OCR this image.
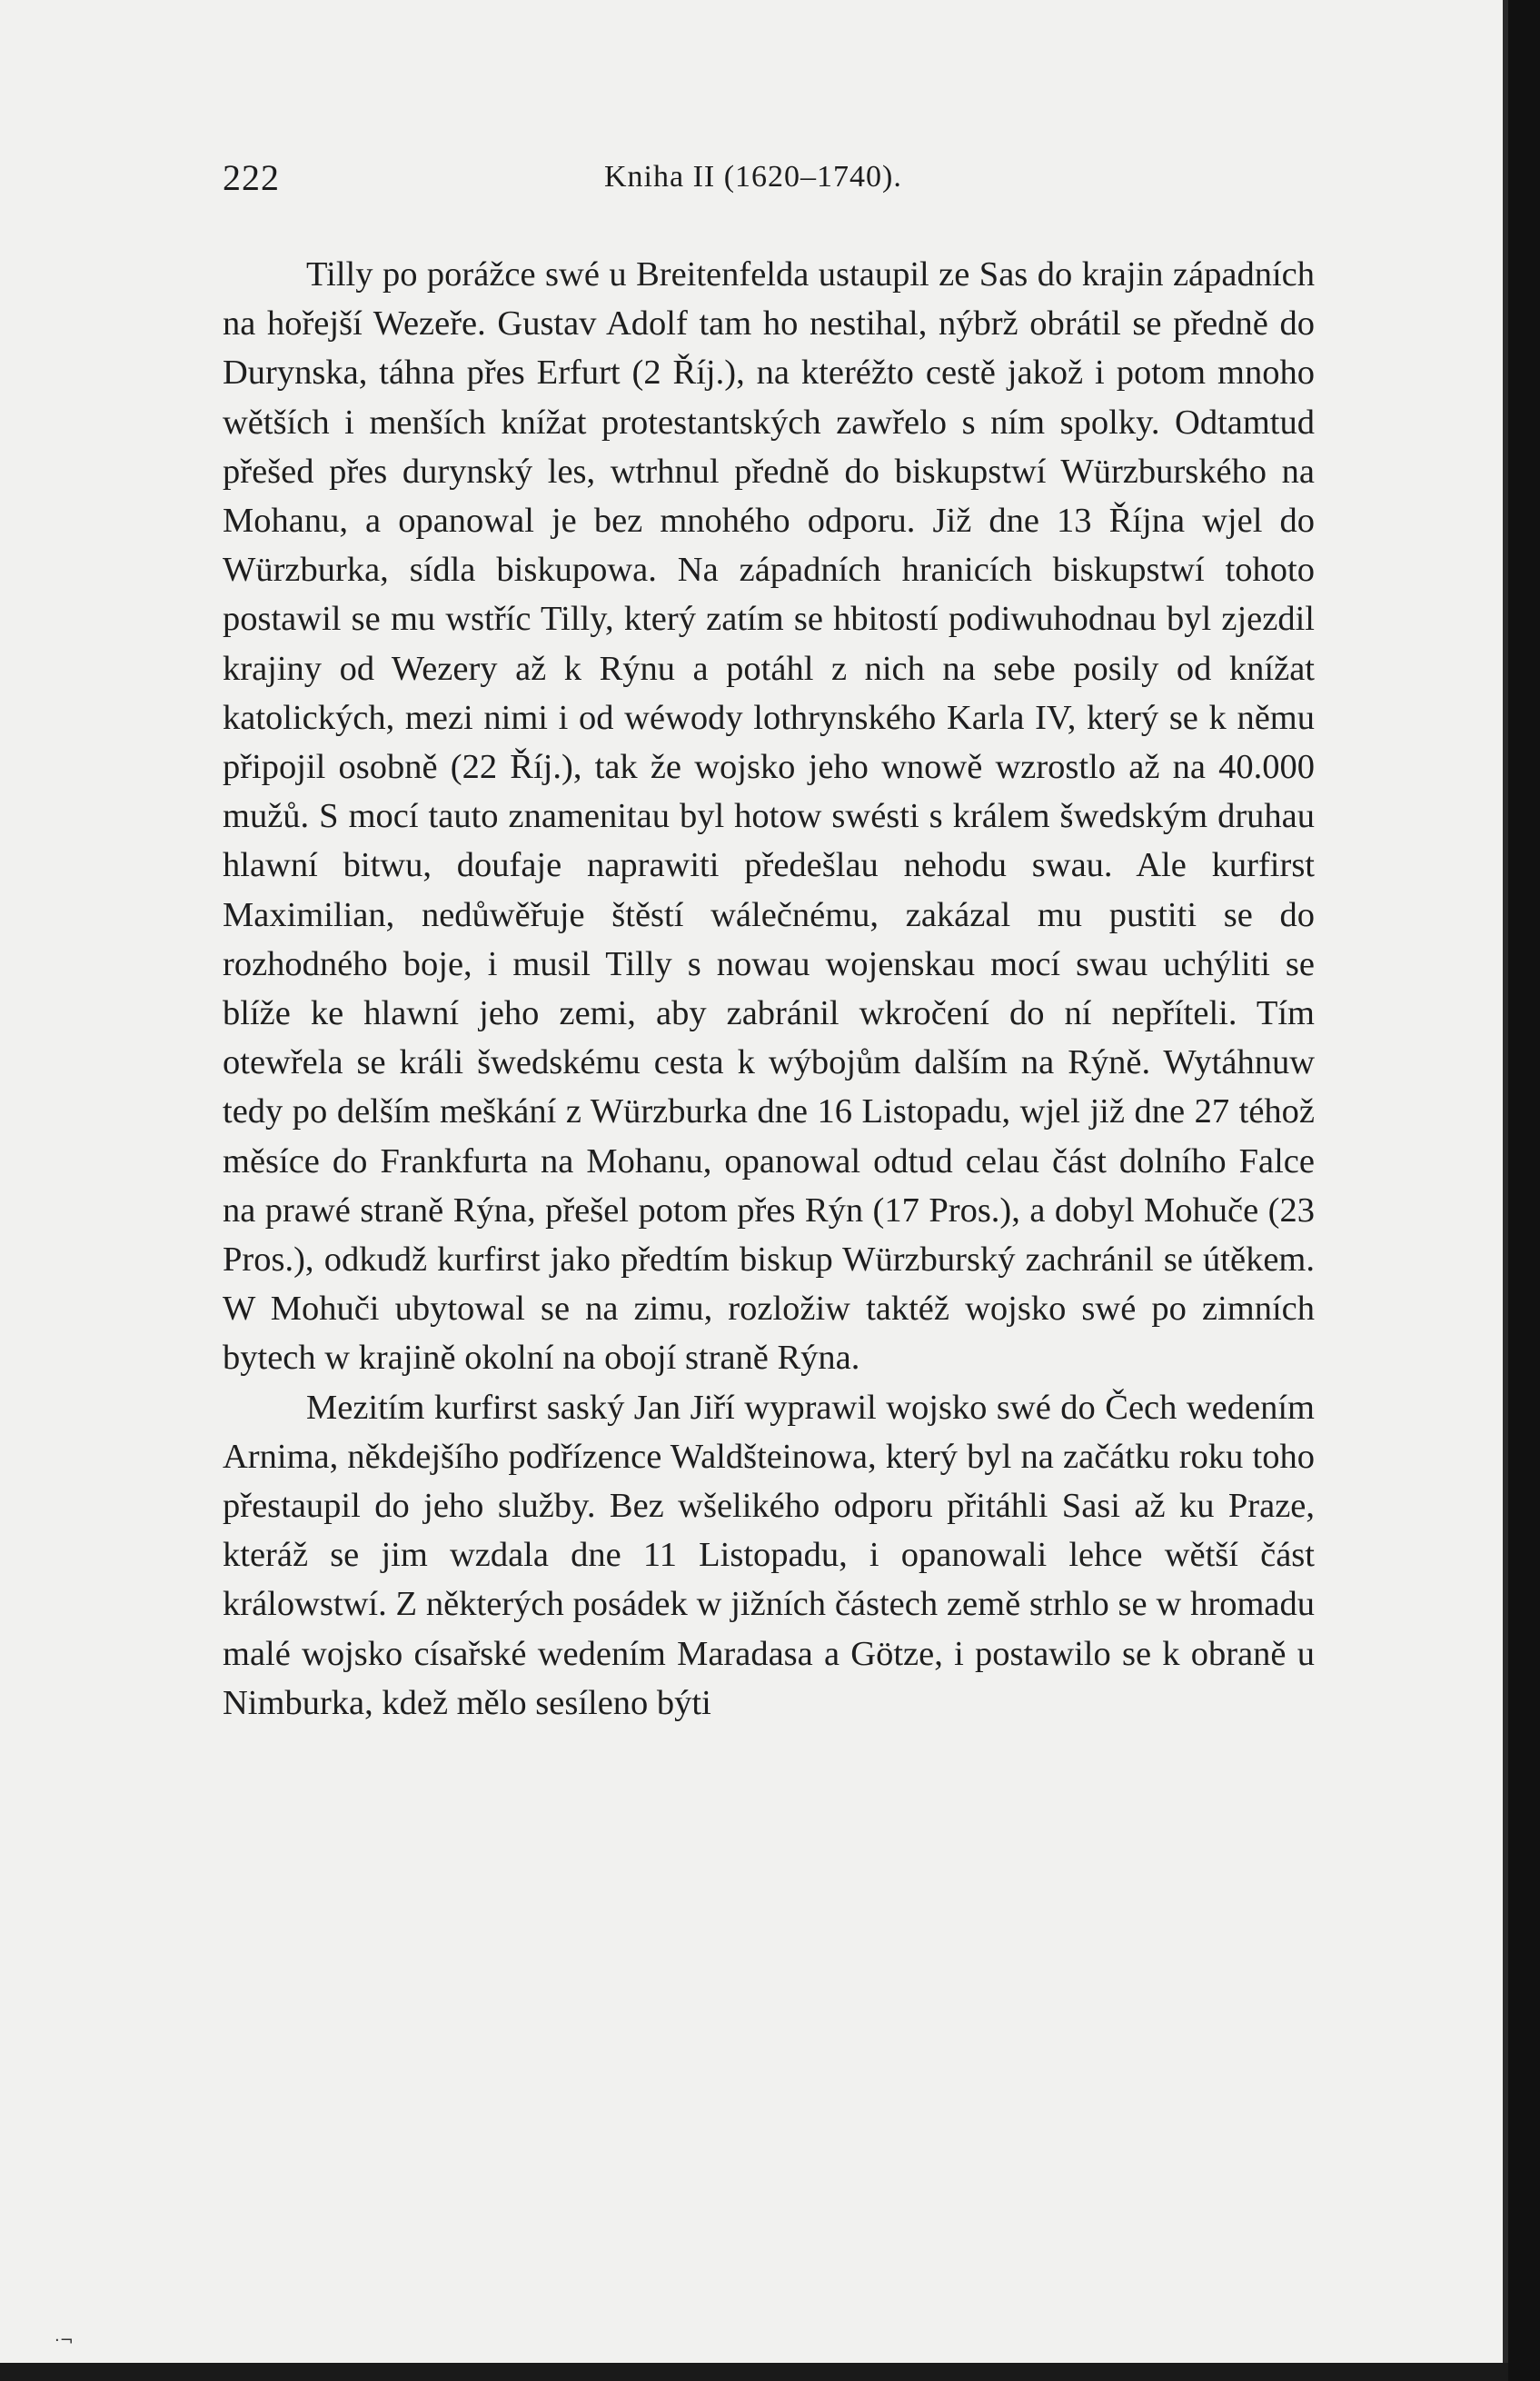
222	Kniha II (1620–1740).

Tilly po porážce swé u Breitenfelda ustaupil ze Sas do krajin západních na hořejší Wezeře. Gustav Adolf tam ho nestihal, nýbrž obrátil se předně do Durynska, táhna přes Erfurt (2 Říj.), na kteréžto cestě jakož i potom mnoho wětších i menších knížat protestantských zawřelo s ním spolky. Odtamtud přešed přes durynský les, wtrhnul předně do biskupstwí Würzburského na Mohanu, a opanowal je bez mnohého odporu. Již dne 13 Října wjel do Würzburka, sídla biskupowa. Na západních hranicích biskupstwí tohoto postawil se mu wstříc Tilly, který zatím se hbitostí podiwuhodnau byl zjezdil krajiny od Wezery až k Rýnu a potáhl z nich na sebe posily od knížat katolických, mezi nimi i od wéwody lothrynského Karla IV, který se k němu připojil osobně (22 Říj.), tak že wojsko jeho wnowě wzrostlo až na 40.000 mužů. S mocí tauto znamenitau byl hotow swésti s králem šwedským druhau hlawní bitwu, doufaje naprawiti předešlau nehodu swau. Ale kurfirst Maximilian, nedůwěřuje štěstí wálečnému, zakázal mu pustiti se do rozhodného boje, i musil Tilly s nowau wojenskau mocí swau uchýliti se blíže ke hlawní jeho zemi, aby zabránil wkročení do ní nepříteli. Tím otewřela se králi šwedskému cesta k wýbojům dalším na Rýně. Wytáhnuw tedy po delším meškání z Würzburka dne 16 Listopadu, wjel již dne 27 téhož měsíce do Frankfurta na Mohanu, opanowal odtud celau část dolního Falce na prawé straně Rýna, přešel potom přes Rýn (17 Pros.), a dobyl Mohuče (23 Pros.), odkudž kurfirst jako předtím biskup Würzburský zachránil se útěkem. W Mohuči ubytowal se na zimu, rozložiw taktéž wojsko swé po zimních bytech w krajině okolní na obojí straně Rýna.

Mezitím kurfirst saský Jan Jiří wyprawil wojsko swé do Čech wedením Arnima, někdejšího podřízence Waldšteinowa, který byl na začátku roku toho přestaupil do jeho služby. Bez wšelikého odporu přitáhli Sasi až ku Praze, kteráž se jim wzdala dne 11 Listopadu, i opanowali lehce wětší část králowstwí. Z některých posádek w jižních částech země strhlo se w hromadu malé wojsko císařské wedením Maradasa a Götze, i postawilo se k obraně u Nimburka, kdež mělo sesíleno býti

·¬
